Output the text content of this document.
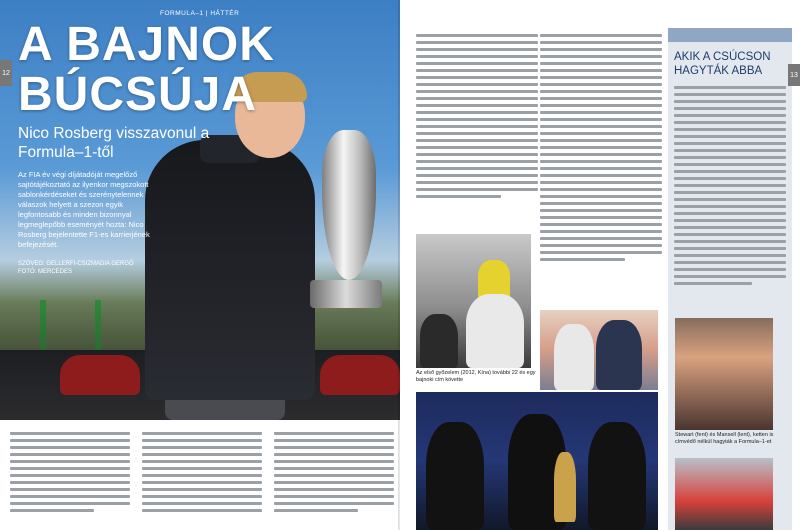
FORMULA–1 | HÁTTÉR
12
A BAJNOK
BÚCSÚJA
Nico Rosberg visszavonul a Formula–1-től
Az FIA év végi díjátadóját megelőző sajtótájékoztató az ilyenkor megszokott sablonkérdéseket és szerénytelennek válaszok helyett a szezon egyik legfontosabb és minden bizonnyal legmeglepőbb eseményét hozta: Nico Rosberg bejelentette F1-es karrierjének befejezését.
SZÖVEG: GELLERFI-CSIZMADIA GERGŐ
FOTÓ: MERCEDES
Az első győzelem (2012, Kína) további 22 és egy bajnoki cím követte
AKIK A CSÚCSON HAGYTÁK ABBA
Stewart (fent) és Mansell (lent), ketten is címvédő nélkül hagyták a Formula–1-et
13
